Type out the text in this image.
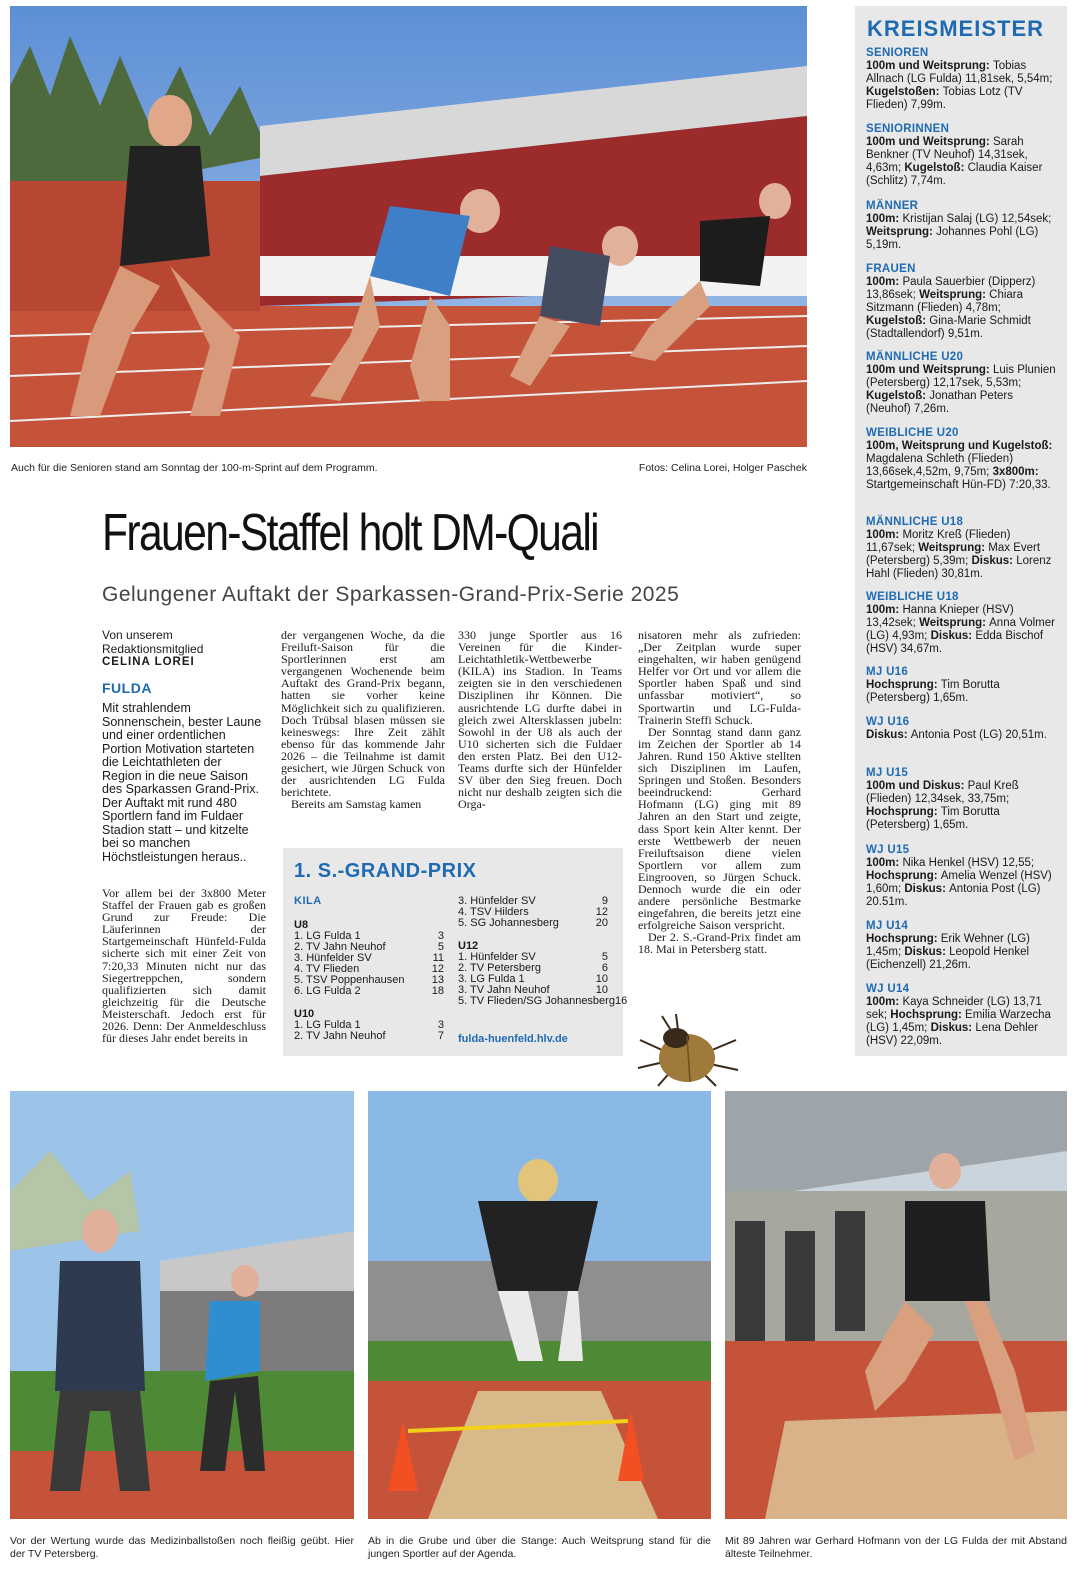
Auch für die Senioren stand am Sonntag der 100-m-Sprint auf dem Programm.	Fotos: Celina Lorei, Holger Paschek
Frauen-Staffel holt DM-Quali
Gelungener Auftakt der Sparkassen-Grand-Prix-Serie 2025
Von unserem Redaktionsmitglied
CELINA LOREI
FULDA
Mit strahlendem Sonnenschein, bester Laune und einer ordentlichen Portion Motivation starteten die Leichtathleten der Region in die neue Saison des Sparkassen Grand-Prix. Der Auftakt mit rund 480 Sportlern fand im Fuldaer Stadion statt – und kitzelte bei so manchen Höchstleistungen heraus..

Vor allem bei der 3x800 Meter Staffel der Frauen gab es großen Grund zur Freude: Die Läuferinnen der Startgemeinschaft Hünfeld-Fulda sicherte sich mit einer Zeit von 7:20,33 Minuten nicht nur das Siegertreppchen, sondern qualifizierten sich damit gleichzeitig für die Deutsche Meisterschaft. Jedoch erst für 2026. Denn: Der Anmeldeschluss für dieses Jahr endet bereits in

der vergangenen Woche, da die Freiluft-Saison für die Sportlerinnen erst am vergangenen Wochenende beim Auftakt des Grand-Prix begann, hatten sie vorher keine Möglichkeit sich zu qualifizieren. Doch Trübsal blasen müssen sie keineswegs: Ihre Zeit zählt ebenso für das kommende Jahr 2026 – die Teilnahme ist damit gesichert, wie Jürgen Schuck von der ausrichtenden LG Fulda berichtete.

Bereits am Samstag kamen

330 junge Sportler aus 16 Vereinen für die Kinder-Leichtathletik-Wettbewerbe (KILA) ins Stadion. In Teams zeigten sie in den verschiedenen Disziplinen ihr Können. Die ausrichtende LG durfte dabei in gleich zwei Altersklassen jubeln: Sowohl in der U8 als auch der U10 sicherten sich die Fuldaer den ersten Platz. Bei den U12-Teams durfte sich der Hünfelder SV über den Sieg freuen. Doch nicht nur deshalb zeigten sich die Orga-

nisatoren mehr als zufrieden: „Der Zeitplan wurde super eingehalten, wir haben genügend Helfer vor Ort und vor allem die Sportler haben Spaß und sind unfassbar motiviert“, so Sportwartin und LG-Fulda-Trainerin Steffi Schuck.

Der Sonntag stand dann ganz im Zeichen der Sportler ab 14 Jahren. Rund 150 Aktive stellten sich Disziplinen im Laufen, Springen und Stoßen. Besonders beeindruckend: Gerhard Hofmann (LG) ging mit 89 Jahren an den Start und zeigte, dass Sport kein Alter kennt. Der erste Wettbewerb der neuen Freiluftsaison diene vielen Sportlern vor allem zum Eingrooven, so Jürgen Schuck. Dennoch wurde die ein oder andere persönliche Bestmarke eingefahren, die bereits jetzt eine erfolgreiche Saison verspricht.

Der 2. S.-Grand-Prix findet am 18. Mai in Petersberg statt.

1. S.-GRAND-PRIX
KILA
U8
1. LG Fulda 1	3
2. TV Jahn Neuhof	5
3. Hünfelder SV	11
4. TV Flieden	12
5. TSV Poppenhausen 13
6. LG Fulda 2	18
U10
1. LG Fulda 1	3
2. TV Jahn Neuhof	7
3. Hünfelder SV	9
4. TSV Hilders	12
5. SG Johannesberg	20
U12
1. Hünfelder SV	5
2. TV Petersberg	6
3. LG Fulda 1	10
3. TV Jahn Neuhof	10
5. TV Flieden/SG Johannesberg 16
fulda-huenfeld.hlv.de
KREISMEISTER
SENIOREN
100m und Weitsprung: Tobias Allnach (LG Fulda) 11,81sek, 5,54m; Kugelstoßen: Tobias Lotz (TV Flieden) 7,99m.
SENIORINNEN
100m und Weitsprung: Sarah Benkner (TV Neuhof) 14,31sek, 4,63m; Kugelstoß: Claudia Kaiser (Schlitz) 7,74m.
MÄNNER
100m: Kristijan Salaj (LG) 12,54sek; Weitsprung: Johannes Pohl (LG) 5,19m.
FRAUEN
100m: Paula Sauerbier (Dipperz) 13,86sek; Weitsprung: Chiara Sitzmann (Flieden) 4,78m; Kugelstoß: Gina-Marie Schmidt (Stadtallendorf) 9,51m.
MÄNNLICHE U20
100m und Weitsprung: Luis Plunien (Petersberg) 12,17sek, 5,53m; Kugelstoß: Jonathan Peters (Neuhof) 7,26m.
WEIBLICHE U20
100m, Weitsprung und Kugelstoß: Magdalena Schleth (Flieden) 13,66sek,4,52m, 9,75m; 3x800m: Startgemeinschaft Hün-FD) 7:20,33.
MÄNNLICHE U18
100m: Moritz Kreß (Flieden) 11,67sek; Weitsprung: Max Evert (Petersberg) 5,39m; Diskus: Lorenz Hahl (Flieden) 30,81m.
WEIBLICHE U18
100m: Hanna Knieper (HSV) 13,42sek; Weitsprung: Anna Volmer (LG) 4,93m; Diskus: Edda Bischof (HSV) 34,67m.
MJ U16
Hochsprung: Tim Borutta (Petersberg) 1,65m.
WJ U16
Diskus: Antonia Post (LG) 20,51m.
MJ U15
100m und Diskus: Paul Kreß (Flieden) 12,34sek, 33,75m; Hochsprung: Tim Borutta (Petersberg) 1,65m.
WJ U15
100m: Nika Henkel (HSV) 12,55; Hochsprung: Amelia Wenzel (HSV) 1,60m; Diskus: Antonia Post (LG) 20.51m.
MJ U14
Hochsprung: Erik Wehner (LG) 1,45m; Diskus: Leopold Henkel (Eichenzell) 21,26m.
WJ U14
100m: Kaya Schneider (LG) 13,71 sek; Hochsprung: Emilia Warzecha (LG) 1,45m; Diskus: Lena Dehler (HSV) 22,09m.
Vor der Wertung wurde das Medizinballstoßen noch fleißig geübt. Hier der TV Petersberg.
Ab in die Grube und über die Stange: Auch Weitsprung stand für die jungen Sportler auf der Agenda.
Mit 89 Jahren war Gerhard Hofmann von der LG Fulda der mit Abstand älteste Teilnehmer.
